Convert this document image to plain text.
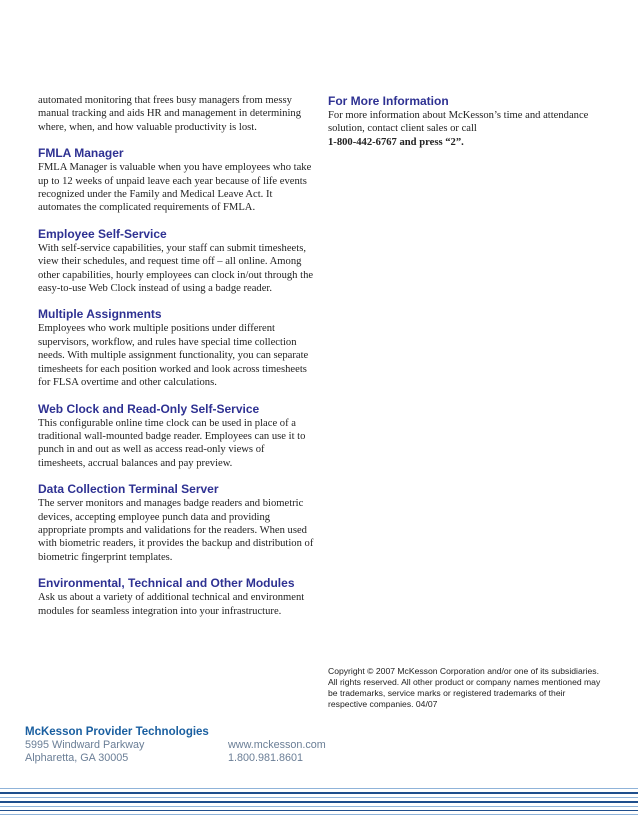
automated monitoring that frees busy managers from messy manual tracking and aids HR and management in determining where, when, and how valuable productivity is lost.

FMLA Manager

FMLA Manager is valuable when you have employees who take up to 12 weeks of unpaid leave each year because of life events recognized under the Family and Medical Leave Act. It automates the complicated requirements of FMLA.

Employee Self-Service

With self-service capabilities, your staff can submit timesheets, view their schedules, and request time off – all online. Among other capabilities, hourly employees can clock in/out through the easy-to-use Web Clock instead of using a badge reader.

Multiple Assignments

Employees who work multiple positions under different supervisors, workflow, and rules have special time collection needs. With multiple assignment functionality, you can separate timesheets for each position worked and look across timesheets for FLSA overtime and other calculations.

Web Clock and Read-Only Self-Service

This configurable online time clock can be used in place of a traditional wall-mounted badge reader. Employees can use it to punch in and out as well as access read-only views of timesheets, accrual balances and pay preview.

Data Collection Terminal Server

The server monitors and manages badge readers and biometric devices, accepting employee punch data and providing appropriate prompts and validations for the readers. When used with biometric readers, it provides the backup and distribution of biometric fingerprint templates.

Environmental, Technical and Other Modules

Ask us about a variety of additional technical and environment modules for seamless integration into your infrastructure.

For More Information

For more information about McKesson’s time and attendance solution, contact client sales or call

1-800-442-6767 and press “2”.

Copyright © 2007 McKesson Corporation and/or one of its subsidiaries. All rights reserved. All other product or company names mentioned may be trademarks, service marks or registered trademarks of their respective companies. 04/07

McKesson Provider Technologies

5995 Windward Parkway

Alpharetta, GA 30005

www.mckesson.com

1.800.981.8601
